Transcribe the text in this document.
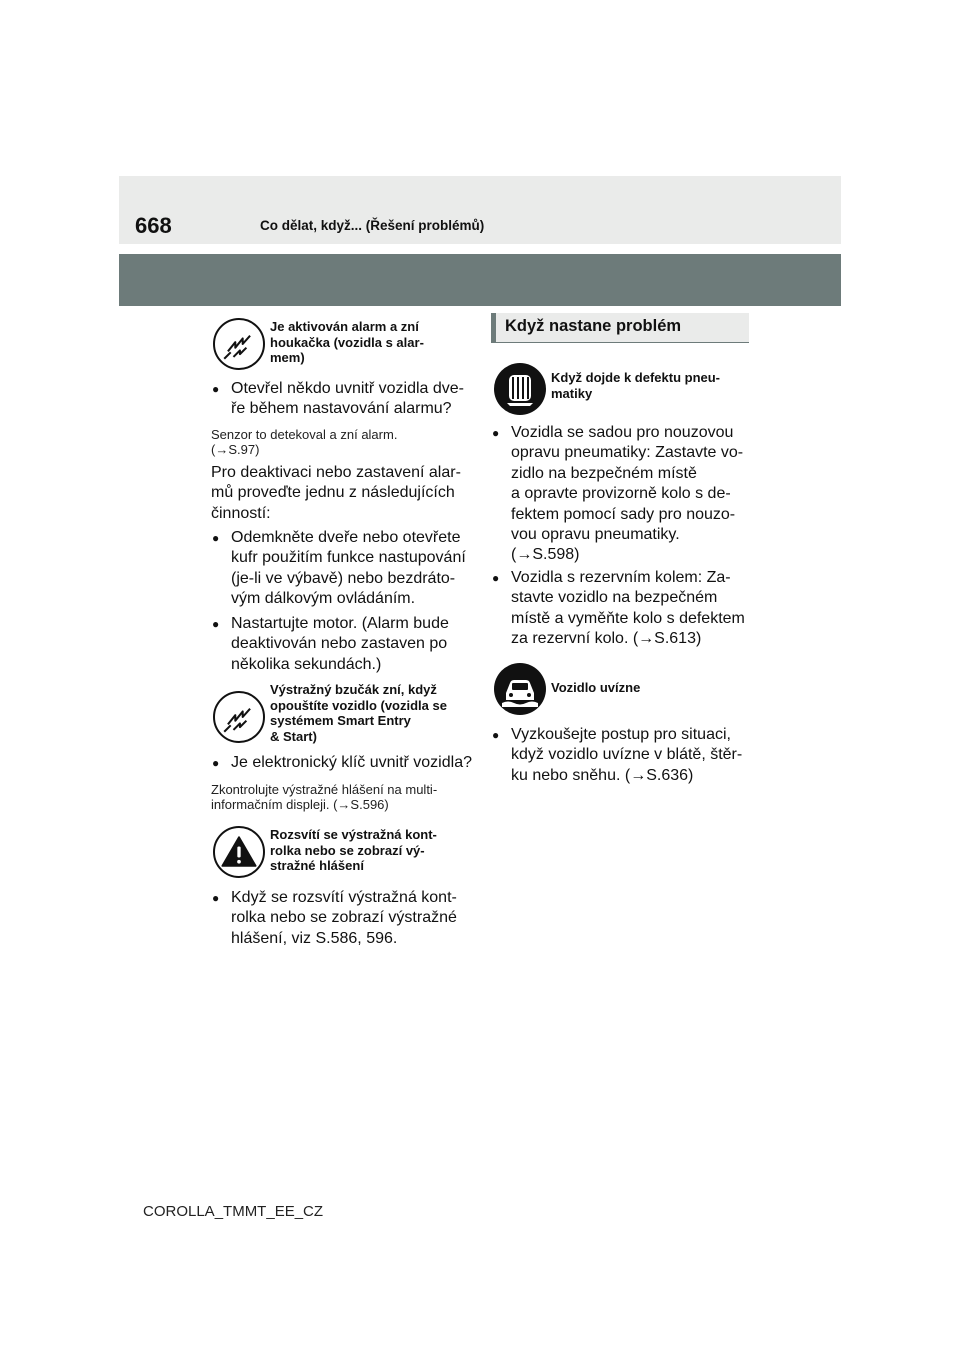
668	Co dělat, když... (Řešení problémů)
Je aktivován alarm a zní
houkačka (vozidla s alar-
mem)
● Otevřel někdo uvnitř vozidla dve-
ře během nastavování alarmu?
Senzor to detekoval a zní alarm.
(→S.97)
Pro deaktivaci nebo zastavení alar-
mů proveďte jednu z následujících
činností:
● Odemkněte dveře nebo otevřete
kufr použitím funkce nastupování
(je-li ve výbavě) nebo bezdráto-
vým dálkovým ovládáním.
● Nastartujte motor. (Alarm bude
deaktivován nebo zastaven po
několika sekundách.)
Výstražný bzučák zní, když
opouštíte vozidlo (vozidla se
systémem Smart Entry
& Start)
● Je elektronický klíč uvnitř vozidla?
Zkontrolujte výstražné hlášení na multi-
informačním displeji. (→S.596)
Rozsvítí se výstražná kont-
rolka nebo se zobrazí vý-
stražné hlášení
● Když se rozsvítí výstražná kont-
rolka nebo se zobrazí výstražné
hlášení, viz S.586, 596.
Když nastane problém
Když dojde k defektu pneu-
matiky
● Vozidla se sadou pro nouzovou
opravu pneumatiky: Zastavte vo-
zidlo na bezpečném místě
a opravte provizorně kolo s de-
fektem pomocí sady pro nouzo-
vou opravu pneumatiky.
(→S.598)
● Vozidla s rezervním kolem: Za-
stavte vozidlo na bezpečném
místě a vyměňte kolo s defektem
za rezervní kolo. (→S.613)
Vozidlo uvízne
● Vyzkoušejte postup pro situaci,
když vozidlo uvízne v blátě, štěr-
ku nebo sněhu. (→S.636)
COROLLA_TMMT_EE_CZ
